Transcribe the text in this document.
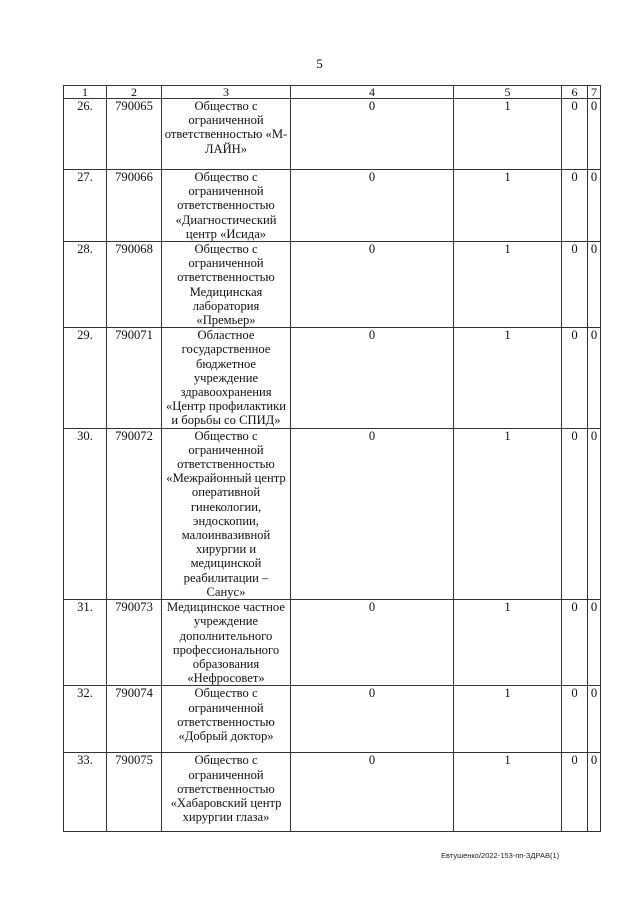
5
1	2	3	4	5	6	7
26.	790065	Общество с ограниченной ответственностью «М-ЛАЙН»	0	1	0	0
27.	790066	Общество с ограниченной ответственностью «Диагностический центр «Исида»	0	1	0	0
28.	790068	Общество с ограниченной ответственностью Медицинская лаборатория «Премьер»	0	1	0	0
29.	790071	Областное государственное бюджетное учреждение здравоохранения «Центр профилактики и борьбы со СПИД»	0	1	0	0
30.	790072	Общество с ограниченной ответственностью «Межрайонный центр оперативной гинекологии, эндоскопии, малоинвазивной хирургии и медицинской реабилитации – Санус»	0	1	0	0
31.	790073	Медицинское частное учреждение дополнительного профессионального образования «Нефросовет»	0	1	0	0
32.	790074	Общество с ограниченной ответственностью «Добрый доктор»	0	1	0	0
33.	790075	Общество с ограниченной ответственностью «Хабаровский центр хирургии глаза»	0	1	0	0
Евтушенко/2022-153-пп-ЗДРАВ(1)
